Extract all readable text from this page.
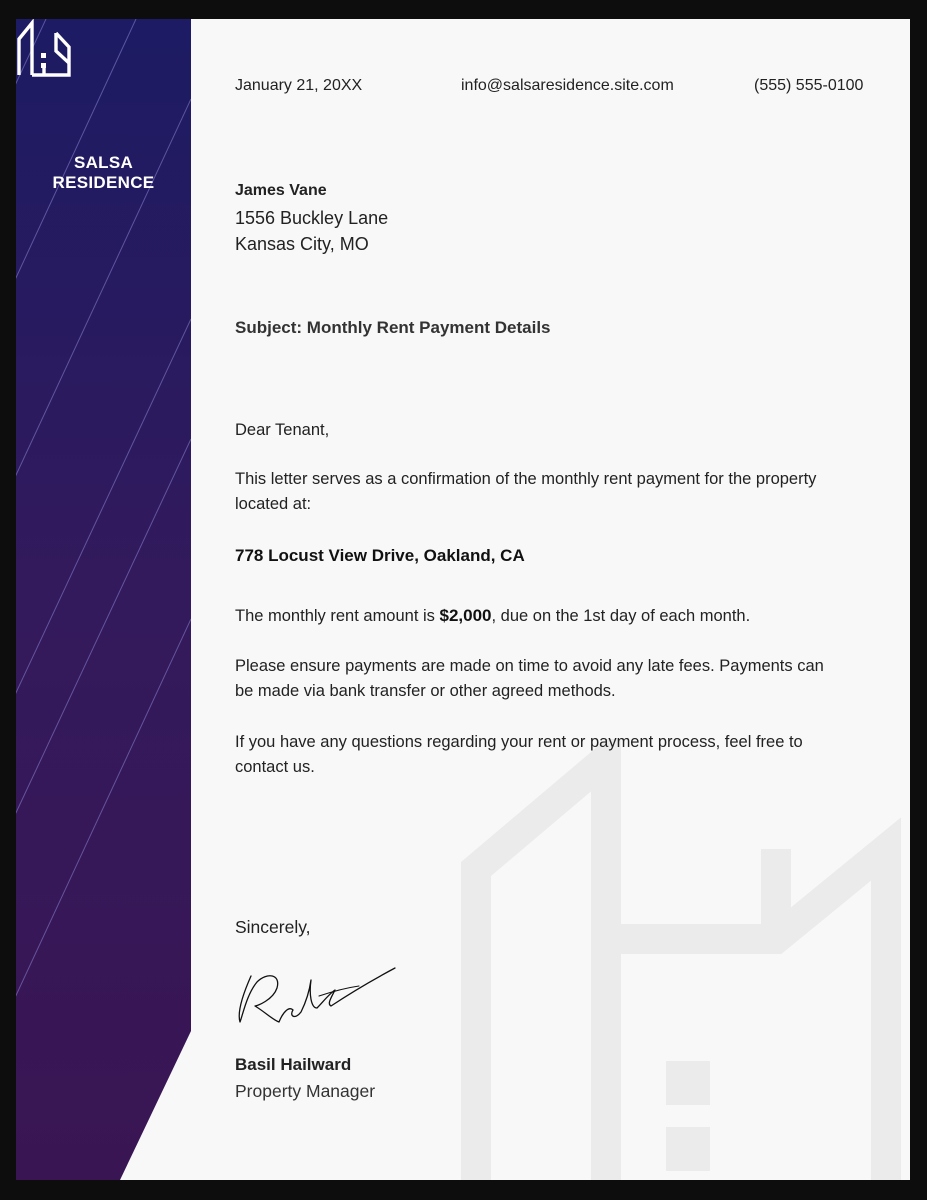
SALSA
RESIDENCE
January 21, 20XX	info@salsaresidence.site.com	(555) 555-0100
James Vane
1556 Buckley Lane
Kansas City, MO
Subject: Monthly Rent Payment Details
Dear Tenant,
This letter serves as a confirmation of the monthly rent payment for the property located at:
778 Locust View Drive, Oakland, CA
The monthly rent amount is $2,000, due on the 1st day of each month.
Please ensure payments are made on time to avoid any late fees. Payments can be made via bank transfer or other agreed methods.
If you have any questions regarding your rent or payment process, feel free to contact us.
Sincerely,
Basil Hailward
Property Manager
